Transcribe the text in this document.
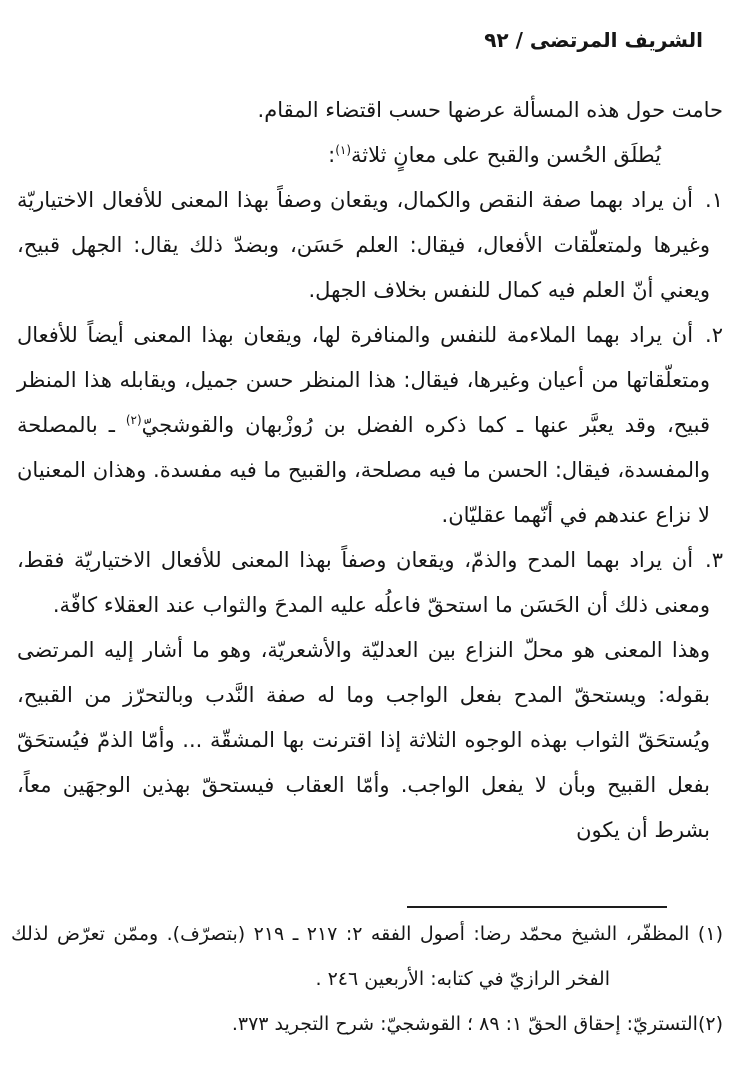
الشريف المرتضى / ٩٢

حامت حول هذه المسألة عرضها حسب اقتضاء المقام.

يُطلَق الحُسن والقبح على معانٍ ثلاثة$^{(١)}$:

١.أن يراد بهما صفة النقص والكمال، ويقعان وصفاً بهذا المعنى للأفعال الاختياريّة وغيرها ولمتعلّقات الأفعال، فيقال: العلم حَسَن، وبضدّ ذلك يقال: الجهل قبيح، ويعني أنّ العلم فيه كمال للنفس بخلاف الجهل.

٢.أن يراد بهما الملاءمة للنفس والمنافرة لها، ويقعان بهذا المعنى أيضاً للأفعال ومتعلّقاتها من أعيان وغيرها، فيقال: هذا المنظر حسن جميل، ويقابله هذا المنظر قبيح، وقد يعبَّر عنها ـ كما ذكره الفضل بن رُوزْبهان والقوشجيّ$^{(٢)}$ ـ بالمصلحة والمفسدة، فيقال: الحسن ما فيه مصلحة، والقبيح ما فيه مفسدة. وهذان المعنيان لا نزاع عندهم في أنّهما عقليّان.

٣.أن يراد بهما المدح والذمّ، ويقعان وصفاً بهذا المعنى للأفعال الاختياريّة فقط، ومعنى ذلك أن الحَسَن ما استحقّ فاعلُه عليه المدحَ والثواب عند العقلاء كافّة.

وهذا المعنى هو محلّ النزاع بين العدليّة والأشعريّة، وهو ما أشار إليه المرتضى بقوله: ويستحقّ المدح بفعل الواجب وما له صفة النَّدب وبالتحرّز من القبيح، ويُستحَقّ الثواب بهذه الوجوه الثلاثة إذا اقترنت بها المشقّة ... وأمّا الذمّ فيُستحَقّ بفعل القبيح وبأن لا يفعل الواجب. وأمّا العقاب فيستحقّ بهذين الوجهَين معاً، بشرط أن يكون

(١) المظفّر، الشيخ محمّد رضا: أصول الفقه ٢: ٢١٧ ـ ٢١٩ (بتصرّف). وممّن تعرّض لذلك الفخر الرازيّ في كتابه: الأربعين ٢٤٦ .

(٢)التستريّ: إحقاق الحقّ ١: ٨٩ ؛ القوشجيّ: شرح التجريد ٣٧٣.
